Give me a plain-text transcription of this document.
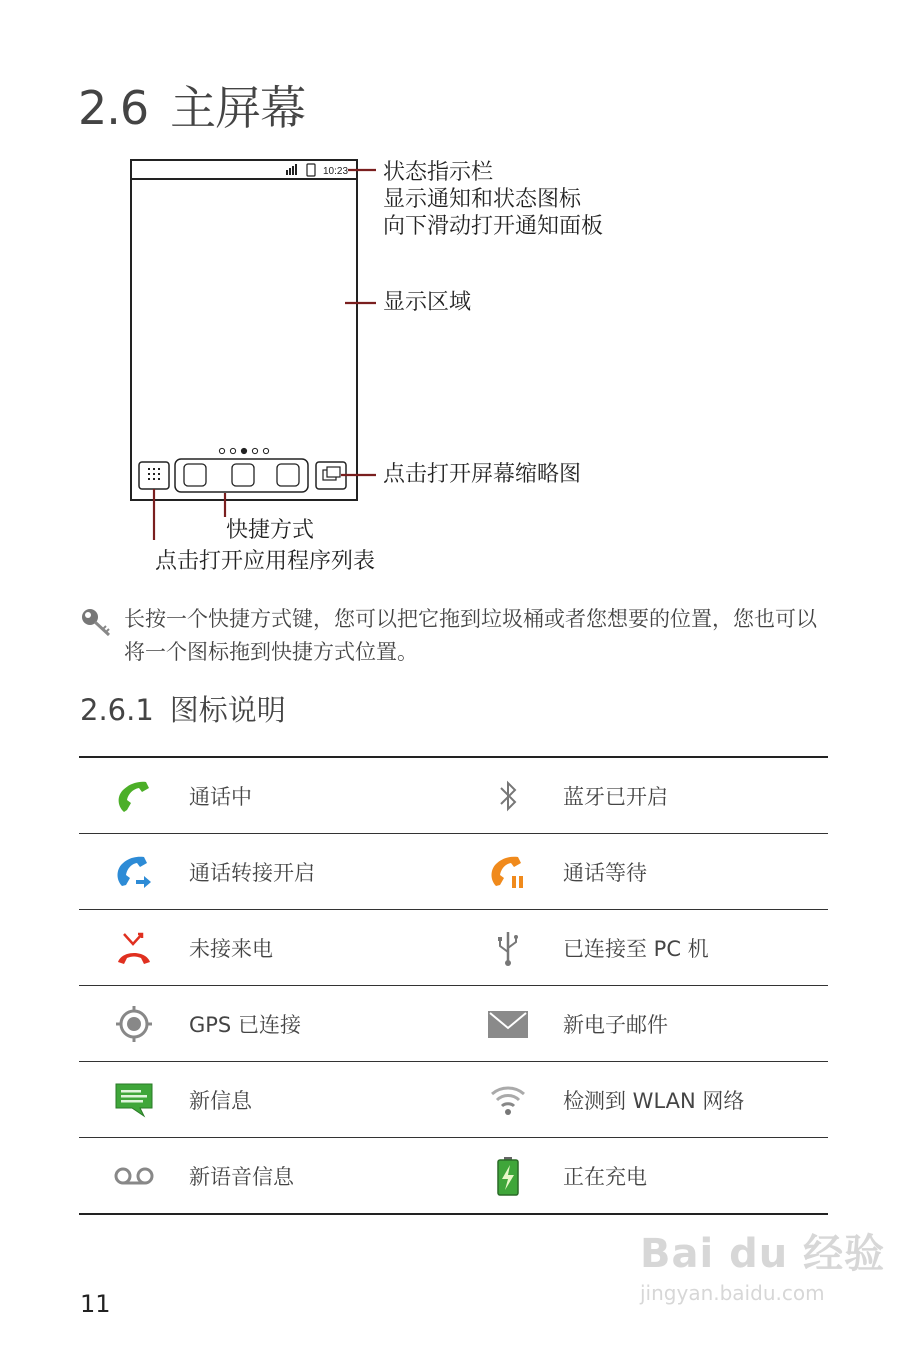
2.6 主屏幕
10:23 状态指示栏
显示通知和状态图标
向下滑动打开通知面板
显示区域
点击打开屏幕缩略图
快捷方式
点击打开应用程序列表
长按一个快捷方式键，您可以把它拖到垃圾桶或者您想要的位置，您也可以将一个图标拖到快捷方式位置。
2.6.1 图标说明
	通话中		蓝牙已开启

	通话转接开启		通话等待

	未接来电		已连接至 PC 机

	GPS 已连接		新电子邮件

	新信息		检测到 WLAN 网络

	新语音信息		正在充电
11
Bai du 经验
jingyan.baidu.com
